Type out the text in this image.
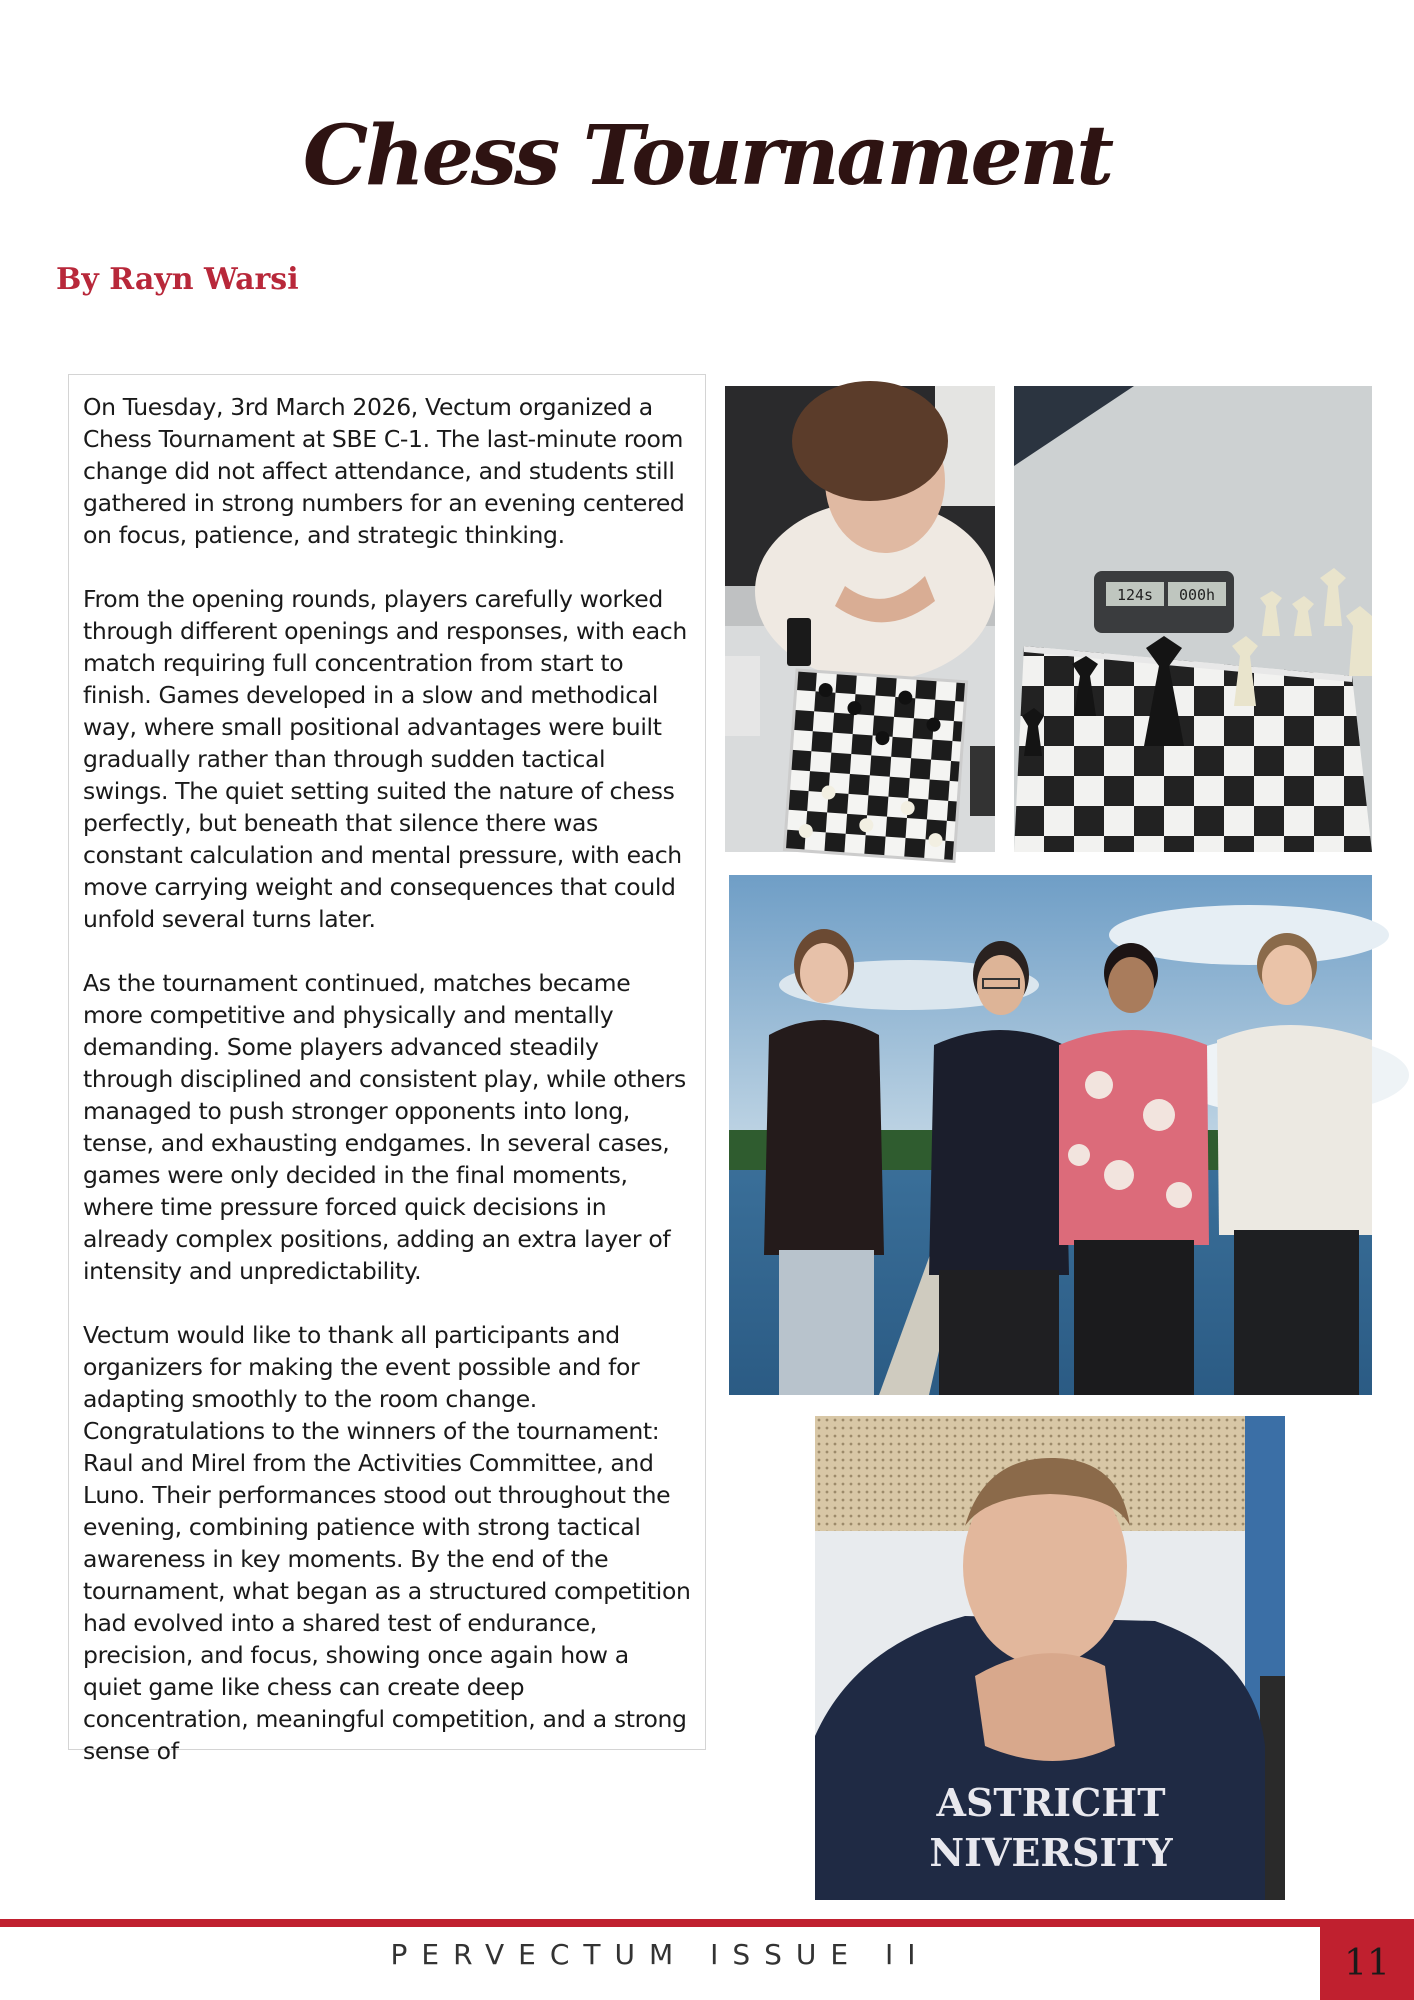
Chess Tournament
By Rayn Warsi

On Tuesday, 3rd March 2026, Vectum organized a Chess Tournament at SBE C-1. The last-minute room change did not affect attendance, and students still gathered in strong numbers for an evening centered on focus, patience, and strategic thinking.

From the opening rounds, players carefully worked through different openings and responses, with each match requiring full concentration from start to finish. Games developed in a slow and methodical way, where small positional advantages were built gradually rather than through sudden tactical swings. The quiet setting suited the nature of chess perfectly, but beneath that silence there was constant calculation and mental pressure, with each move carrying weight and consequences that could unfold several turns later.

As the tournament continued, matches became more competitive and physically and mentally demanding. Some players advanced steadily through disciplined and consistent play, while others managed to push stronger opponents into long, tense, and exhausting endgames. In several cases, games were only decided in the final moments, where time pressure forced quick decisions in already complex positions, adding an extra layer of intensity and unpredictability.

Vectum would like to thank all participants and organizers for making the event possible and for adapting smoothly to the room change. Congratulations to the winners of the tournament: Raul and Mirel from the Activities Committee, and Luno. Their performances stood out throughout the evening, combining patience with strong tactical awareness in key moments. By the end of the tournament, what began as a structured competition had evolved into a shared test of endurance, precision, and focus, showing once again how a quiet game like chess can create deep concentration, meaningful competition, and a strong sense of

124s 000h
ASTRICHT
NIVERSITY
PERVECTUM ISSUE II	11
